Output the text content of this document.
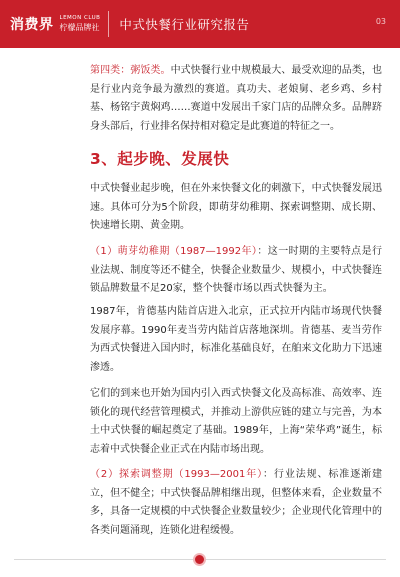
消费界 LEMON CLUB
柠檬品牌社 中式快餐行业研究报告	03

第四类：粥饭类。中式快餐行业中规模最大、最受欢迎的品类，也是行业内竞争最为激烈的赛道。真功夫、老娘舅、老乡鸡、乡村基、杨铭宇黄焖鸡……赛道中发展出千家门店的品牌众多。品牌跻身头部后，行业排名保持相对稳定是此赛道的特征之一。

3、起步晚、发展快

中式快餐业起步晚，但在外来快餐文化的刺激下，中式快餐发展迅速。具体可分为5个阶段，即萌芽幼稚期、探索调整期、成长期、快速增长期、黄金期。

（1）萌芽幼稚期（1987—1992年）：这一时期的主要特点是行业法规、制度等还不健全，快餐企业数量少、规模小，中式快餐连锁品牌数量不足20家，整个快餐市场以西式快餐为主。

1987年，肯德基内陆首店进入北京，正式拉开内陆市场现代快餐发展序幕。1990年麦当劳内陆首店落地深圳。肯德基、麦当劳作为西式快餐进入国内时，标准化基础良好，在舶来文化助力下迅速渗透。

它们的到来也开始为国内引入西式快餐文化及高标准、高效率、连锁化的现代经营管理模式，并推动上游供应链的建立与完善，为本土中式快餐的崛起奠定了基础。1989年，上海“荣华鸡”诞生，标志着中式快餐企业正式在内陆市场出现。

（2）探索调整期（1993—2001年）：行业法规、标准逐渐建立，但不健全；中式快餐品牌相继出现，但整体来看，企业数量不多，具备一定规模的中式快餐企业数量较少；企业现代化管理中的各类问题涌现，连锁化进程缓慢。
